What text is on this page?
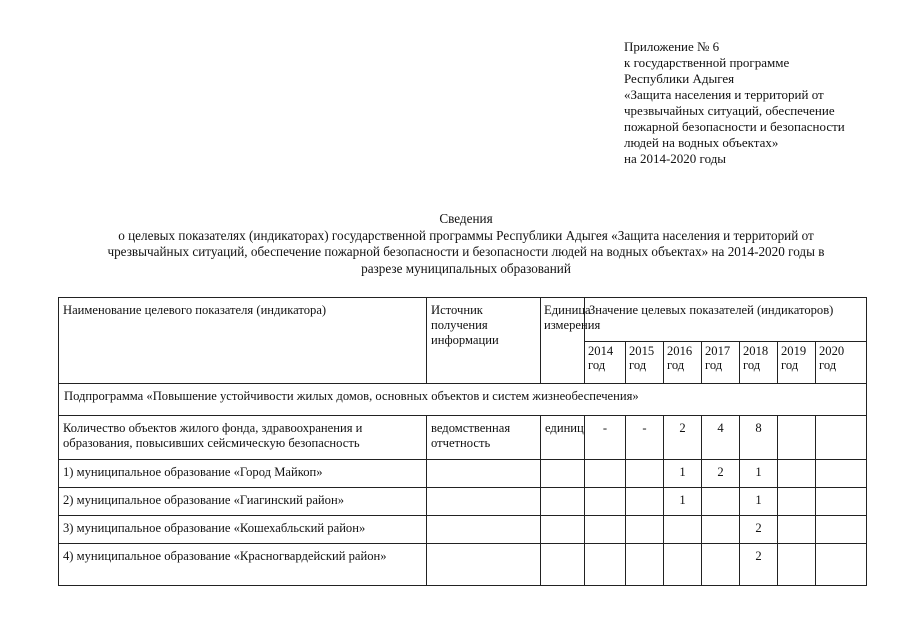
Приложение № 6
к государственной программе
Республики Адыгея
«Защита населения и территорий от
чрезвычайных ситуаций, обеспечение
пожарной безопасности и безопасности
людей на водных объектах»
на 2014-2020 годы
Сведения
о целевых показателях (индикаторах) государственной программы Республики Адыгея «Защита населения и территорий от
чрезвычайных ситуаций, обеспечение пожарной безопасности и безопасности людей на водных объектах» на 2014-2020 годы в
разрезе муниципальных образований
Наименование целевого показателя (индикатора)	Источник получения информации	Единица измерения	Значение целевых показателей (индикаторов)						
			2014 год	2015 год	2016 год	2017 год	2018 год	2019 год	2020 год
Подпрограмма «Повышение устойчивости жилых домов, основных объектов и систем жизнеобеспечения»									
Количество объектов жилого фонда, здравоохранения и образования, повысивших сейсмическую безопасность	ведомственная отчетность	единиц	-	-	2	4	8		
1) муниципальное образование «Город Майкоп»					1	2	1		
2) муниципальное образование «Гиагинский район»					1		1		
3) муниципальное образование «Кошехабльский район»							2		
4) муниципальное образование «Красногвардейский район»							2		
